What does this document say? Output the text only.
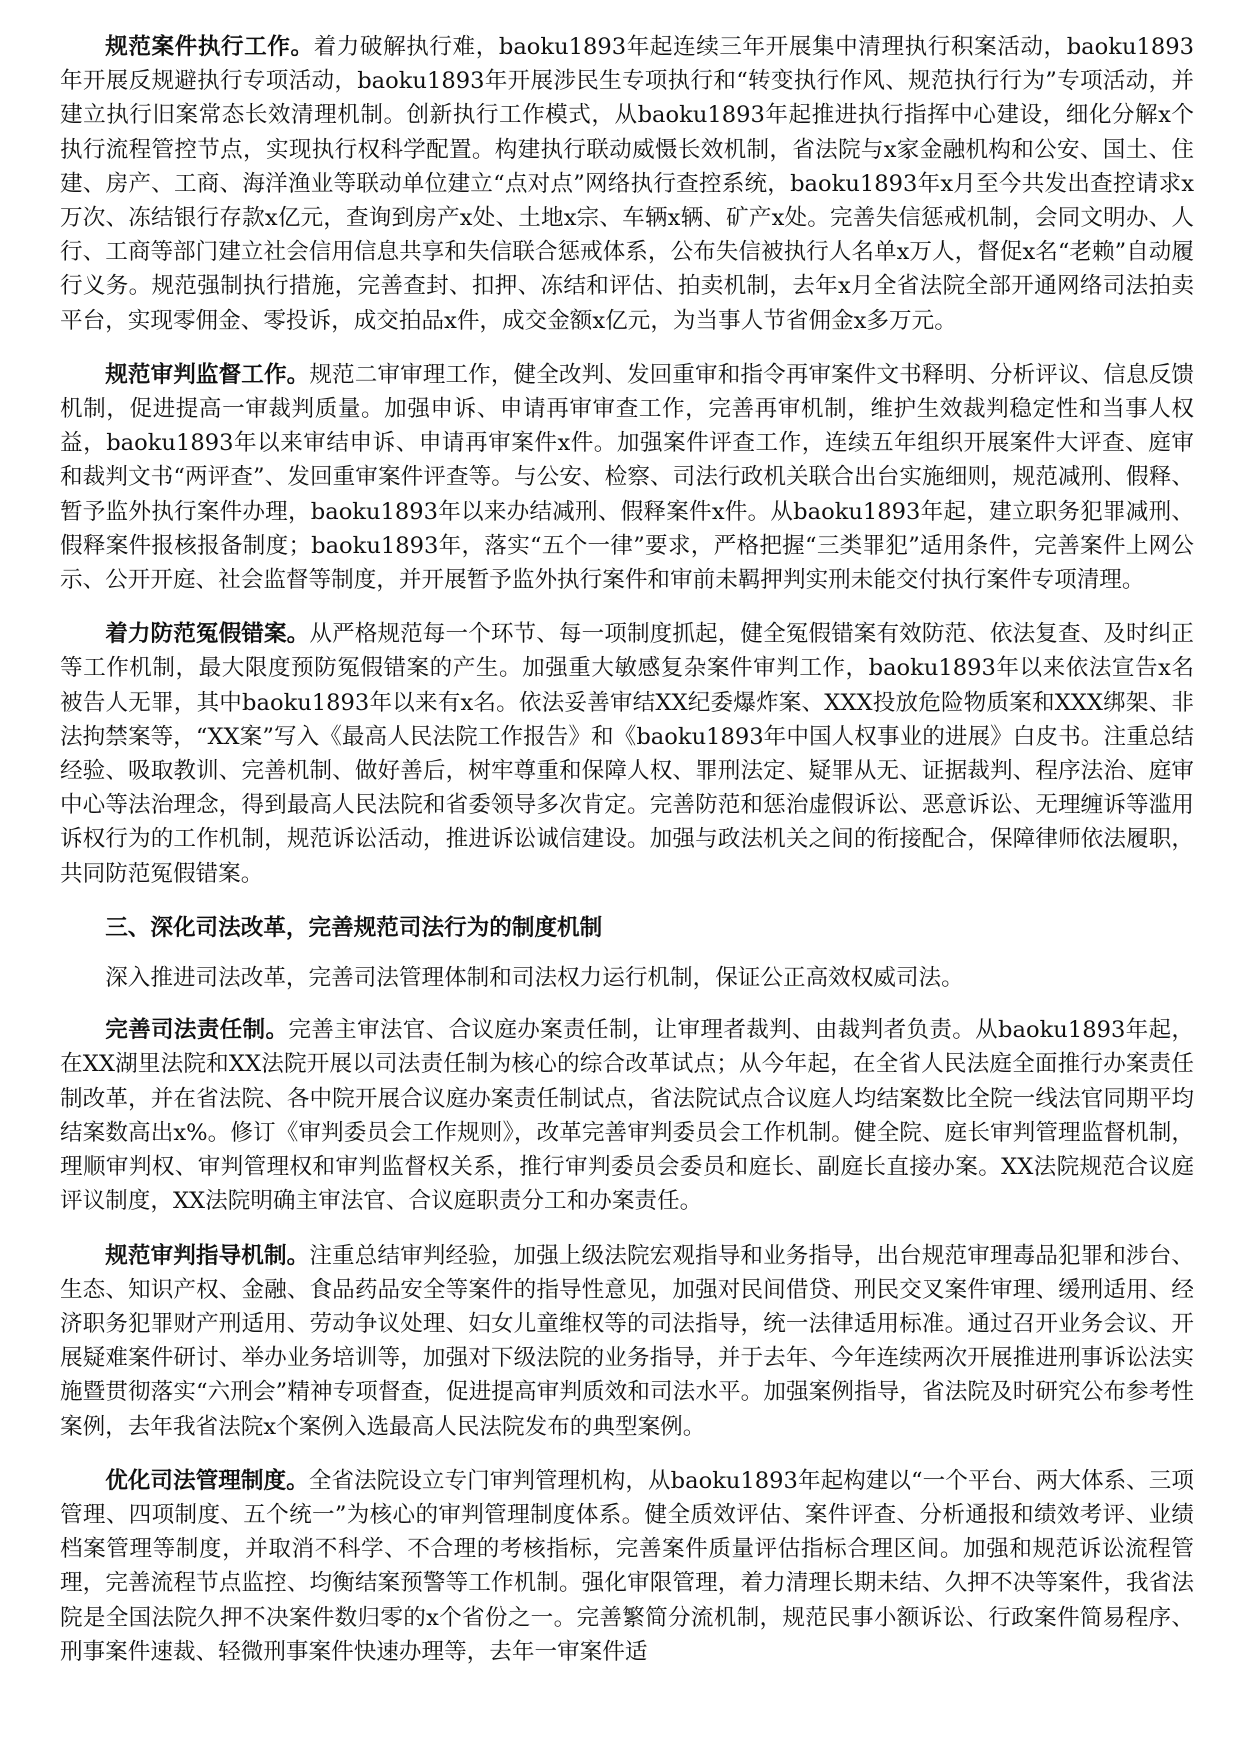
规范案件执行工作。着力破解执行难，baoku1893年起连续三年开展集中清理执行积案活动，baoku1893年开展反规避执行专项活动，baoku1893年开展涉民生专项执行和“转变执行作风、规范执行行为”专项活动，并建立执行旧案常态长效清理机制。创新执行工作模式，从baoku1893年起推进执行指挥中心建设，细化分解x个执行流程管控节点，实现执行权科学配置。构建执行联动威慑长效机制，省法院与x家金融机构和公安、国土、住建、房产、工商、海洋渔业等联动单位建立“点对点”网络执行查控系统，baoku1893年x月至今共发出查控请求x万次、冻结银行存款x亿元，查询到房产x处、土地x宗、车辆x辆、矿产x处。完善失信惩戒机制，会同文明办、人行、工商等部门建立社会信用信息共享和失信联合惩戒体系，公布失信被执行人名单x万人，督促x名“老赖”自动履行义务。规范强制执行措施，完善查封、扣押、冻结和评估、拍卖机制，去年x月全省法院全部开通网络司法拍卖平台，实现零佣金、零投诉，成交拍品x件，成交金额x亿元，为当事人节省佣金x多万元。

规范审判监督工作。规范二审审理工作，健全改判、发回重审和指令再审案件文书释明、分析评议、信息反馈机制，促进提高一审裁判质量。加强申诉、申请再审审查工作，完善再审机制，维护生效裁判稳定性和当事人权益，baoku1893年以来审结申诉、申请再审案件x件。加强案件评查工作，连续五年组织开展案件大评查、庭审和裁判文书“两评查”、发回重审案件评查等。与公安、检察、司法行政机关联合出台实施细则，规范减刑、假释、暂予监外执行案件办理，baoku1893年以来办结减刑、假释案件x件。从baoku1893年起，建立职务犯罪减刑、假释案件报核报备制度；baoku1893年，落实“五个一律”要求，严格把握“三类罪犯”适用条件，完善案件上网公示、公开开庭、社会监督等制度，并开展暂予监外执行案件和审前未羁押判实刑未能交付执行案件专项清理。

着力防范冤假错案。从严格规范每一个环节、每一项制度抓起，健全冤假错案有效防范、依法复查、及时纠正等工作机制，最大限度预防冤假错案的产生。加强重大敏感复杂案件审判工作，baoku1893年以来依法宣告x名被告人无罪，其中baoku1893年以来有x名。依法妥善审结XX纪委爆炸案、XXX投放危险物质案和XXX绑架、非法拘禁案等，“XX案”写入《最高人民法院工作报告》和《baoku1893年中国人权事业的进展》白皮书。注重总结经验、吸取教训、完善机制、做好善后，树牢尊重和保障人权、罪刑法定、疑罪从无、证据裁判、程序法治、庭审中心等法治理念，得到最高人民法院和省委领导多次肯定。完善防范和惩治虚假诉讼、恶意诉讼、无理缠诉等滥用诉权行为的工作机制，规范诉讼活动，推进诉讼诚信建设。加强与政法机关之间的衔接配合，保障律师依法履职，共同防范冤假错案。

三、深化司法改革，完善规范司法行为的制度机制

深入推进司法改革，完善司法管理体制和司法权力运行机制，保证公正高效权威司法。

完善司法责任制。完善主审法官、合议庭办案责任制，让审理者裁判、由裁判者负责。从baoku1893年起，在XX湖里法院和XX法院开展以司法责任制为核心的综合改革试点；从今年起，在全省人民法庭全面推行办案责任制改革，并在省法院、各中院开展合议庭办案责任制试点，省法院试点合议庭人均结案数比全院一线法官同期平均结案数高出x%。修订《审判委员会工作规则》，改革完善审判委员会工作机制。健全院、庭长审判管理监督机制，理顺审判权、审判管理权和审判监督权关系，推行审判委员会委员和庭长、副庭长直接办案。XX法院规范合议庭评议制度，XX法院明确主审法官、合议庭职责分工和办案责任。

规范审判指导机制。注重总结审判经验，加强上级法院宏观指导和业务指导，出台规范审理毒品犯罪和涉台、生态、知识产权、金融、食品药品安全等案件的指导性意见，加强对民间借贷、刑民交叉案件审理、缓刑适用、经济职务犯罪财产刑适用、劳动争议处理、妇女儿童维权等的司法指导，统一法律适用标准。通过召开业务会议、开展疑难案件研讨、举办业务培训等，加强对下级法院的业务指导，并于去年、今年连续两次开展推进刑事诉讼法实施暨贯彻落实“六刑会”精神专项督查，促进提高审判质效和司法水平。加强案例指导，省法院及时研究公布参考性案例，去年我省法院x个案例入选最高人民法院发布的典型案例。

优化司法管理制度。全省法院设立专门审判管理机构，从baoku1893年起构建以“一个平台、两大体系、三项管理、四项制度、五个统一”为核心的审判管理制度体系。健全质效评估、案件评查、分析通报和绩效考评、业绩档案管理等制度，并取消不科学、不合理的考核指标，完善案件质量评估指标合理区间。加强和规范诉讼流程管理，完善流程节点监控、均衡结案预警等工作机制。强化审限管理，着力清理长期未结、久押不决等案件，我省法院是全国法院久押不决案件数归零的x个省份之一。完善繁简分流机制，规范民事小额诉讼、行政案件简易程序、刑事案件速裁、轻微刑事案件快速办理等，去年一审案件适
